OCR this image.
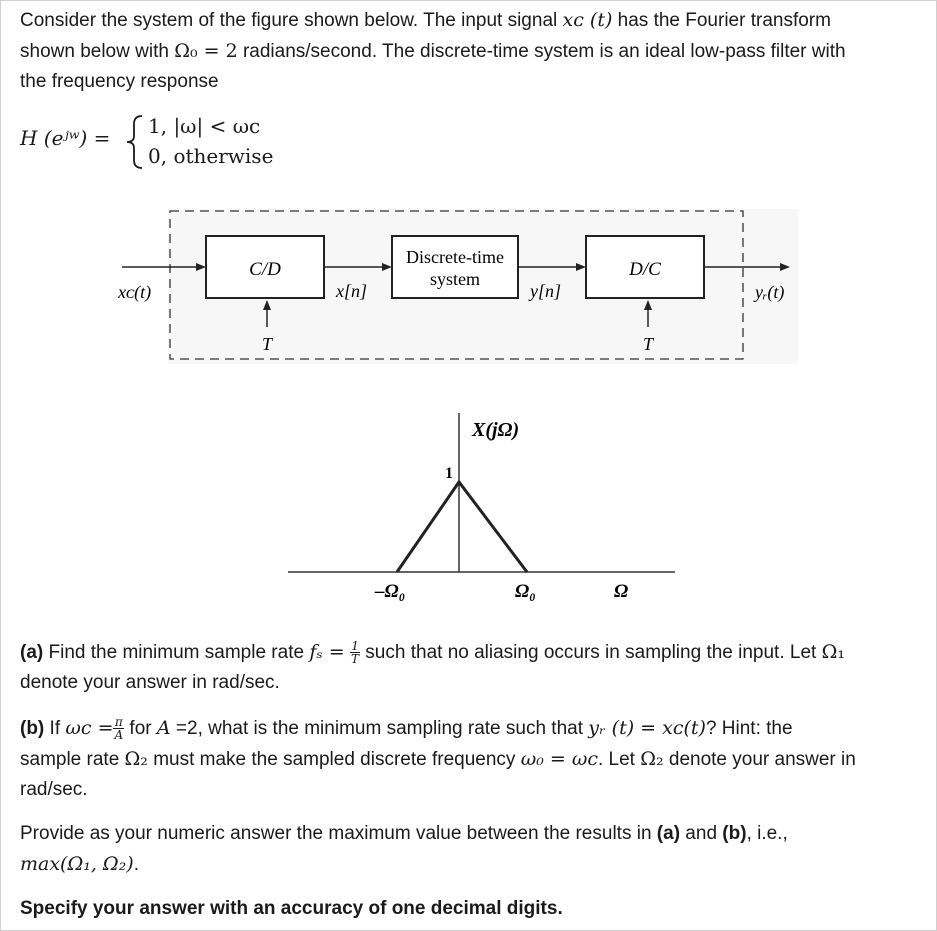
Consider the system of the figure shown below. The input signal xᴄ (t) has the Fourier transform
shown below with Ω₀ = 2 radians/second. The discrete-time system is an ideal low-pass filter with
the frequency response
H (eʲʷ) = 1, |ω| < ωc
0, otherwise
C/D
Discrete-time
system	D/C
xᴄ(t)	x[n]	y[n]	yᵣ(t)
T	T
X(jΩ)
1
–Ω₀	Ω₀	Ω
(a) Find the minimum sample rate $f_s = \frac{1}{T}$ such that no aliasing occurs in sampling the input. Let Ω₁
denote your answer in rad/sec.
(b) If $\omega c = \frac{\pi}{A}$ for A =2, what is the minimum sampling rate such that yᵣ (t) = xᴄ(t)? Hint: the
sample rate Ω₂ must make the sampled discrete frequency ω₀ = ωc. Let Ω₂ denote your answer in
rad/sec.
Provide as your numeric answer the maximum value between the results in (a) and (b), i.e.,
max(Ω₁, Ω₂).
Specify your answer with an accuracy of one decimal digits.
